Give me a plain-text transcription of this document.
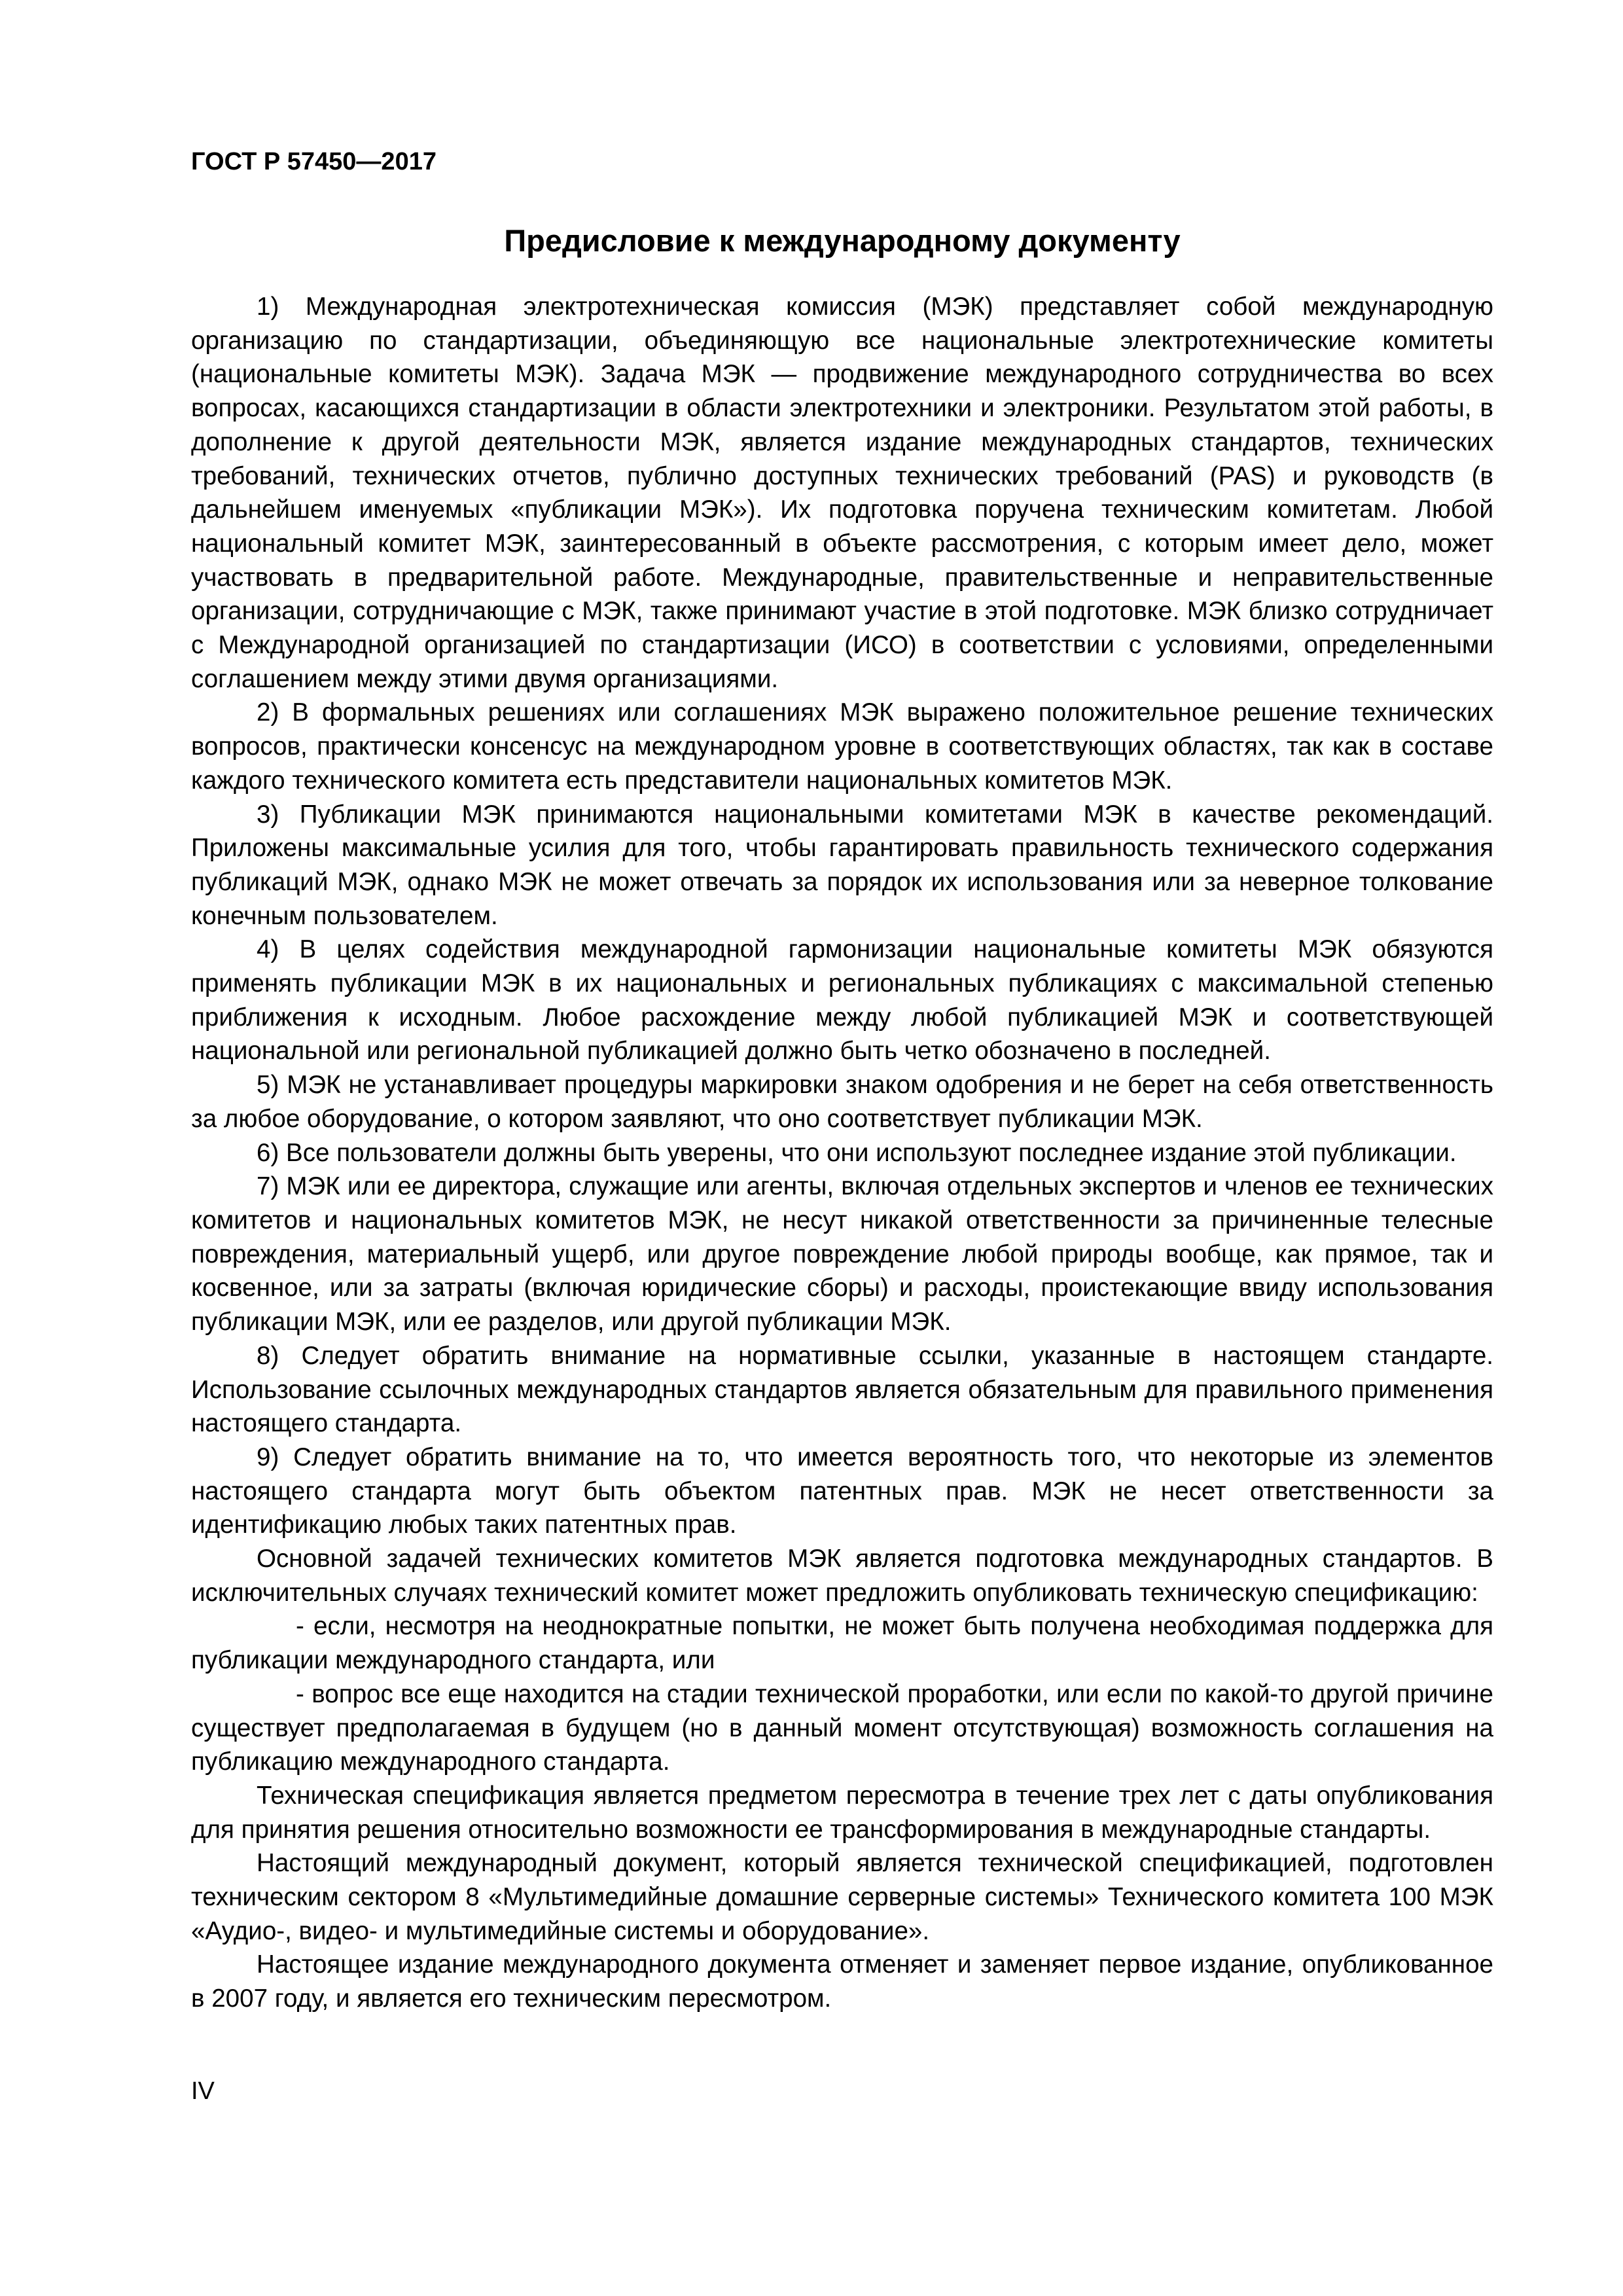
ГОСТ Р 57450—2017
Предисловие к международному документу

1) Международная электротехническая комиссия (МЭК) представляет собой международную организацию по стандартизации, объединяющую все национальные электротехнические комитеты (национальные комитеты МЭК). Задача МЭК — продвижение международного сотрудничества во всех вопросах, касающихся стандартизации в области электротехники и электроники. Результатом этой работы, в дополнение к другой деятельности МЭК, является издание международных стандартов, технических требований, технических отчетов, публично доступных технических требований (PAS) и руководств (в дальнейшем именуемых «публикации МЭК»). Их подготовка поручена техническим комитетам. Любой национальный комитет МЭК, заинтересованный в объекте рассмотрения, с которым имеет дело, может участвовать в предварительной работе. Международные, правительственные и неправительственные организации, сотрудничающие с МЭК, также принимают участие в этой подготовке. МЭК близко сотрудничает с Международной организацией по стандартизации (ИСО) в соответствии с условиями, определенными соглашением между этими двумя организациями.

2) В формальных решениях или соглашениях МЭК выражено положительное решение технических вопросов, практически консенсус на международном уровне в соответствующих областях, так как в составе каждого технического комитета есть представители национальных комитетов МЭК.

3) Публикации МЭК принимаются национальными комитетами МЭК в качестве рекомендаций. Приложены максимальные усилия для того, чтобы гарантировать правильность технического содержания публикаций МЭК, однако МЭК не может отвечать за порядок их использования или за неверное толкование конечным пользователем.

4) В целях содействия международной гармонизации национальные комитеты МЭК обязуются применять публикации МЭК в их национальных и региональных публикациях с максимальной степенью приближения к исходным. Любое расхождение между любой публикацией МЭК и соответствующей национальной или региональной публикацией должно быть четко обозначено в последней.

5) МЭК не устанавливает процедуры маркировки знаком одобрения и не берет на себя ответственность за любое оборудование, о котором заявляют, что оно соответствует публикации МЭК.

6) Все пользователи должны быть уверены, что они используют последнее издание этой публикации.

7) МЭК или ее директора, служащие или агенты, включая отдельных экспертов и членов ее технических комитетов и национальных комитетов МЭК, не несут никакой ответственности за причиненные телесные повреждения, материальный ущерб, или другое повреждение любой природы вообще, как прямое, так и косвенное, или за затраты (включая юридические сборы) и расходы, проистекающие ввиду использования публикации МЭК, или ее разделов, или другой публикации МЭК.

8) Следует обратить внимание на нормативные ссылки, указанные в настоящем стандарте. Использование ссылочных международных стандартов является обязательным для правильного применения настоящего стандарта.

9) Следует обратить внимание на то, что имеется вероятность того, что некоторые из элементов настоящего стандарта могут быть объектом патентных прав. МЭК не несет ответственности за идентификацию любых таких патентных прав.

Основной задачей технических комитетов МЭК является подготовка международных стандартов. В исключительных случаях технический комитет может предложить опубликовать техническую спецификацию:

- если, несмотря на неоднократные попытки, не может быть получена необходимая поддержка для публикации международного стандарта, или

- вопрос все еще находится на стадии технической проработки, или если по какой-то другой причине существует предполагаемая в будущем (но в данный момент отсутствующая) возможность соглашения на публикацию международного стандарта.

Техническая спецификация является предметом пересмотра в течение трех лет с даты опубликования для принятия решения относительно возможности ее трансформирования в международные стандарты.

Настоящий международный документ, который является технической спецификацией, подготовлен техническим сектором 8 «Мультимедийные домашние серверные системы» Технического комитета 100 МЭК «Аудио-, видео- и мультимедийные системы и оборудование».

Настоящее издание международного документа отменяет и заменяет первое издание, опубликованное в 2007 году, и является его техническим пересмотром.

IV
